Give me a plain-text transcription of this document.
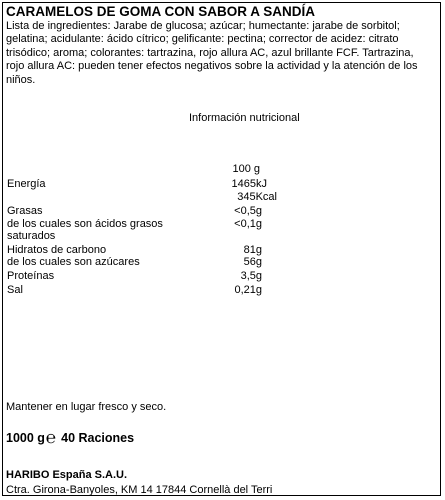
CARAMELOS DE GOMA CON SABOR A SANDÍA

Lista de ingredientes: Jarabe de glucosa; azúcar; humectante: jarabe de sorbitol; gelatina; acidulante: ácido cítrico; gelificante: pectina; corrector de acidez: citrato trisódico; aroma; colorantes: tartrazina, rojo allura AC, azul brillante FCF. Tartrazina, rojo allura AC: pueden tener efectos negativos sobre la actividad y la atención de los niños.

Información nutricional
100 g
Energía	1465kJ
345Kcal
Grasas	<0,5g
de los cuales son ácidos grasos	<0,1g
saturados
Hidratos de carbono	81g
de los cuales son azúcares	56g
Proteínas	3,5g
Sal	0,21g
Mantener en lugar fresco y seco.
1000 g℮ 40 Raciones
HARIBO España S.A.U.
Ctra. Girona-Banyoles, KM 14 17844 Cornellà del Terri
